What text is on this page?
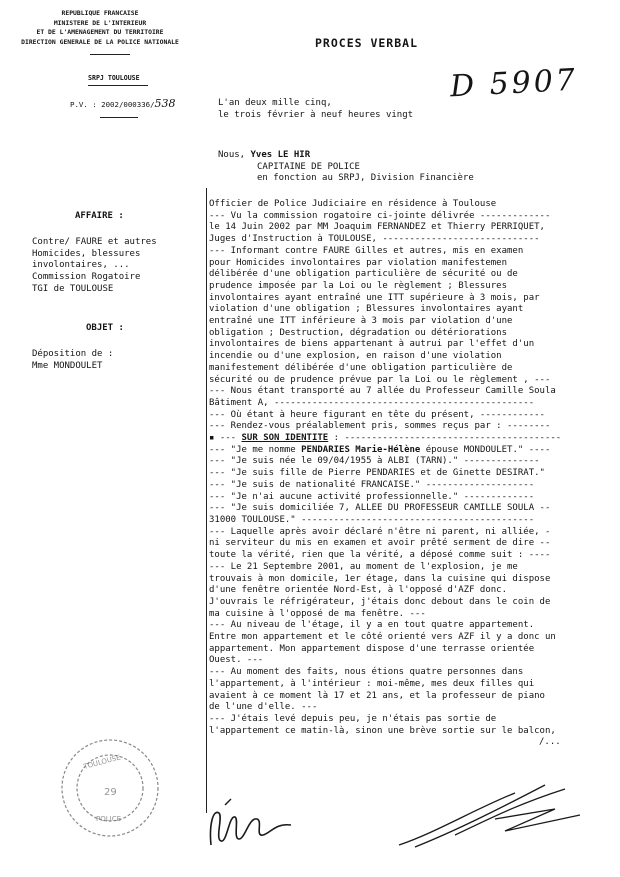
REPUBLIQUE FRANCAISE
MINISTERE DE L'INTERIEUR
ET DE L'AMENAGEMENT DU TERRITOIRE
DIRECTION GENERALE DE LA POLICE NATIONALE
SRPJ TOULOUSE
P.V. : 2002/000336/538
PROCES VERBAL
D 5907
L'an deux mille cinq,
le trois février à neuf heures vingt
Nous, Yves LE HIR
CAPITAINE DE POLICE
en fonction au SRPJ, Division Financière
AFFAIRE :
Contre/ FAURE et autres
Homicides, blessures
involontaires, ...
Commission Rogatoire
TGI de TOULOUSE
OBJET :
Déposition de :
Mme MONDOULET
Officier de Police Judiciaire en résidence à Toulouse
--- Vu la commission rogatoire ci-jointe délivrée -------------
le 14 Juin 2002 par MM Joaquim FERNANDEZ et Thierry PERRIQUET,
Juges d'Instruction à TOULOUSE, -----------------------------
--- Informant contre FAURE Gilles et autres, mis en examen
pour Homicides involontaires par violation manifestemen
délibérée d'une obligation particulière de sécurité ou de
prudence imposée par la Loi ou le règlement ; Blessures
involontaires ayant entraîné une ITT supérieure à 3 mois, par
violation d'une obligation ; Blessures involontaires ayant
entraîné une ITT inférieure à 3 mois par violation d'une
obligation ; Destruction, dégradation ou détériorations
involontaires de biens appartenant à autrui par l'effet d'un
incendie ou d'une explosion, en raison d'une violation
manifestement délibérée d'une obligation particulière de
sécurité ou de prudence prévue par la Loi ou le règlement , ---
--- Nous étant transporté au 7 allée du Professeur Camille Soula
Bâtiment A, ------------------------------------------------
--- Où étant à heure figurant en tête du présent, ------------
--- Rendez-vous préalablement pris, sommes reçus par : --------
▪ --- SUR SON IDENTITE : ----------------------------------------
--- "Je me nomme PENDARIES Marie-Hélène épouse MONDOULET." ----
--- "Je suis née le 09/04/1955 à ALBI (TARN)." --------------
--- "Je suis fille de Pierre PENDARIES et de Ginette DESIRAT."
--- "Je suis de nationalité FRANCAISE." --------------------
--- "Je n'ai aucune activité professionnelle." -------------
--- "Je suis domiciliée 7, ALLEE DU PROFESSEUR CAMILLE SOULA --
31000 TOULOUSE." -------------------------------------------
--- Laquelle après avoir déclaré n'être ni parent, ni alliée, -
ni serviteur du mis en examen et avoir prêté serment de dire --
toute la vérité, rien que la vérité, a déposé comme suit : ----
--- Le 21 Septembre 2001, au moment de l'explosion, je me
trouvais à mon domicile, 1er étage, dans la cuisine qui dispose
d'une fenêtre orientée Nord-Est, à l'opposé d'AZF donc.
J'ouvrais le réfrigérateur, j'étais donc debout dans le coin de
ma cuisine à l'opposé de ma fenêtre. ---
--- Au niveau de l'étage, il y a en tout quatre appartement.
Entre mon appartement et le côté orienté vers AZF il y a donc un
appartement. Mon appartement dispose d'une terrasse orientée
Ouest. ---
--- Au moment des faits, nous étions quatre personnes dans
l'appartement, à l'intérieur : moi-même, mes deux filles qui
avaient à ce moment là 17 et 21 ans, et la professeur de piano
de l'une d'elle. ---
--- J'étais levé depuis peu, je n'étais pas sortie de
l'appartement ce matin-là, sinon une brève sortie sur le balcon,
/...
TOULOUSE
POLICE
29
